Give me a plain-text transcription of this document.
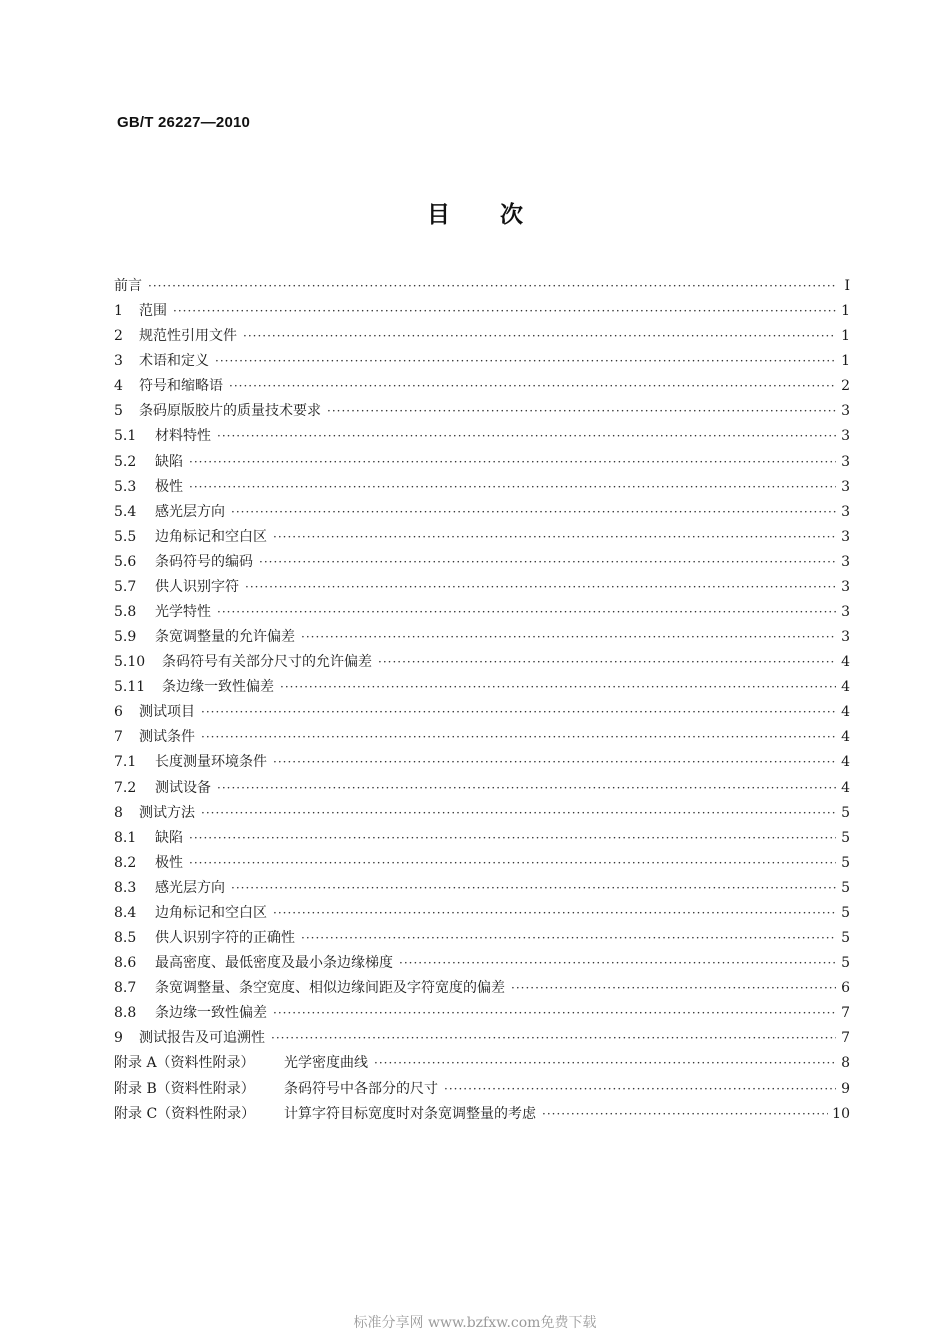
GB/T 26227—2010
目次
前言 ·····	I
1	范围 ·····	1
2	规范性引用文件 ·····	1
3	术语和定义 ·····	1
4	符号和缩略语 ·····	2
5	条码原版胶片的质量技术要求 ·····	3
5.1	材料特性 ·····	3
5.2	缺陷 ·····	3
5.3	极性 ·····	3
5.4	感光层方向 ·····	3
5.5	边角标记和空白区 ·····	3
5.6	条码符号的编码 ·····	3
5.7	供人识别字符 ·····	3
5.8	光学特性 ·····	3
5.9	条宽调整量的允许偏差 ·····	3
5.10	条码符号有关部分尺寸的允许偏差 ·····	4
5.11	条边缘一致性偏差 ·····	4
6	测试项目 ·····	4
7	测试条件 ·····	4
7.1	长度测量环境条件 ·····	4
7.2	测试设备 ·····	4
8	测试方法 ·····	5
8.1	缺陷 ·····	5
8.2	极性 ·····	5
8.3	感光层方向 ·····	5
8.4	边角标记和空白区 ·····	5
8.5	供人识别字符的正确性 ·····	5
8.6	最高密度、最低密度及最小条边缘梯度 ·····	5
8.7	条宽调整量、条空宽度、相似边缘间距及字符宽度的偏差 ·····	6
8.8	条边缘一致性偏差 ·····	7
9	测试报告及可追溯性 ·····	7
附录 A（资料性附录）	光学密度曲线 ·····	8
附录 B（资料性附录）	条码符号中各部分的尺寸 ·····	9
附录 C（资料性附录）	计算字符目标宽度时对条宽调整量的考虑 ·····	10
标准分享网 www.bzfxw.com免费下载
